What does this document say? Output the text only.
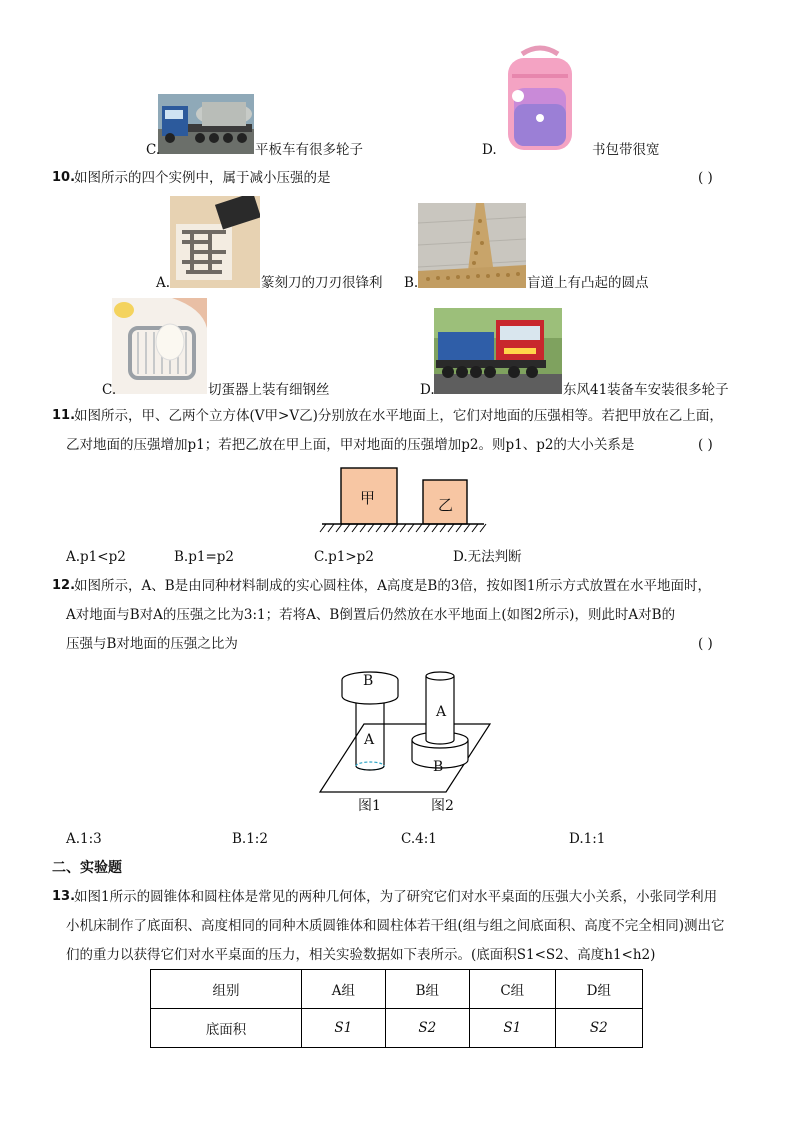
C.	平板车有很多轮子	D.	书包带很宽
10.
如图所示的四个实例中，属于减小压强的是	( )
A.	篆刻刀的刀刃很锋利 B.	盲道上有凸起的圆点
C.	切蛋器上装有细钢丝	D.	东风41装备车安装很多轮子
11.
如图所示，甲、乙两个立方体(V甲>V乙)分别放在水平地面上，它们对地面的压强相等。若把甲放在乙上面，
乙对地面的压强增加p1；若把乙放在甲上面，甲对地面的压强增加p2。则p1、p2的大小关系是	( )
甲	乙
A.p1<p2	B.p1=p2	C.p1>p2	D.无法判断
12.
如图所示，A、B是由同种材料制成的实心圆柱体，A高度是B的3倍，按如图1所示方式放置在水平地面时，
A对地面与B对A的压强之比为3:1；若将A、B倒置后仍然放在水平地面上(如图2所示)，则此时A对B的
压强与B对地面的压强之比为	( )
B
A
A
B
图1	图2
A.1:3	B.1:2	C.4:1	D.1:1
二、实验题
13.
如图1所示的圆锥体和圆柱体是常见的两种几何体，为了研究它们对水平桌面的压强大小关系，小张同学利用
小机床制作了底面积、高度相同的同种木质圆锥体和圆柱体若干组(组与组之间底面积、高度不完全相同)测出它
们的重力以获得它们对水平桌面的压力，相关实验数据如下表所示。(底面积S1<S2、高度h1<h2)
组别	A组	B组	C组	D组
底面积	S1	S2	S1	S2
